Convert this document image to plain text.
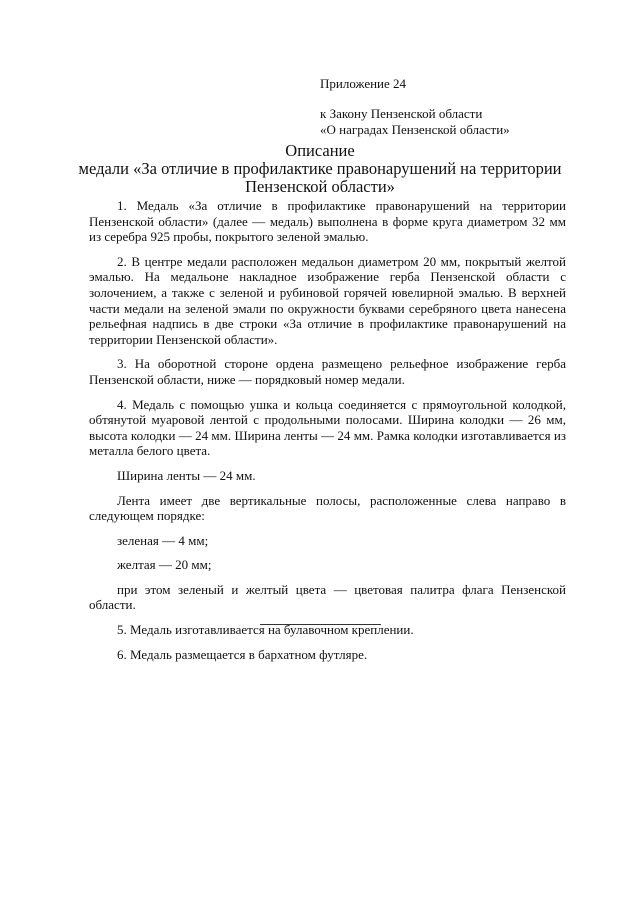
Приложение 24
к Закону Пензенской области
«О наградах Пензенской области»
Описание
медали «За отличие в профилактике правонарушений на территории
Пензенской области»

1. Медаль «За отличие в профилактике правонарушений на территории Пензенской области» (далее — медаль) выполнена в форме круга диаметром 32 мм из серебра 925 пробы, покрытого зеленой эмалью.

2. В центре медали расположен медальон диаметром 20 мм, покрытый желтой эмалью. На медальоне накладное изображение герба Пензенской области с золочением, а также с зеленой и рубиновой горячей ювелирной эмалью. В верхней части медали на зеленой эмали по окружности буквами серебряного цвета нанесена рельефная надпись в две строки «За отличие в профилактике правонарушений на территории Пензенской области».

3. На оборотной стороне ордена размещено рельефное изображение герба Пензенской области, ниже — порядковый номер медали.

4. Медаль с помощью ушка и кольца соединяется с прямоугольной колодкой, обтянутой муаровой лентой с продольными полосами. Ширина колодки — 26 мм, высота колодки — 24 мм. Ширина ленты — 24 мм. Рамка колодки изготавливается из металла белого цвета.

Ширина ленты — 24 мм.

Лента имеет две вертикальные полосы, расположенные слева направо в следующем порядке:

зеленая — 4 мм;

желтая — 20 мм;

при этом зеленый и желтый цвета — цветовая палитра флага Пензенской области.

5. Медаль изготавливается на булавочном креплении.

6. Медаль размещается в бархатном футляре.
